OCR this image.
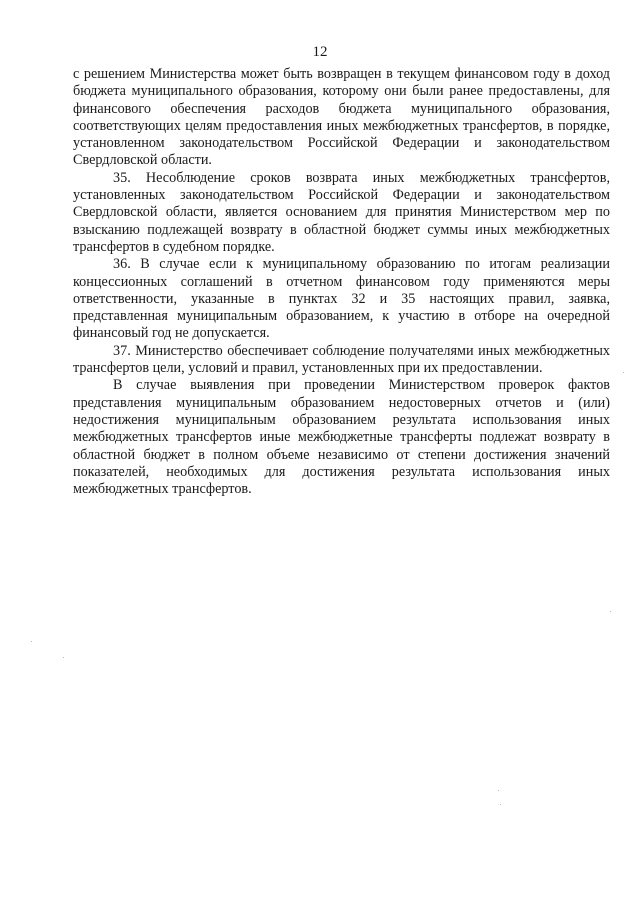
12

с решением Министерства может быть возвращен в текущем финансовом году в доход бюджета муниципального образования, которому они были ранее предоставлены, для финансового обеспечения расходов бюджета муниципального образования, соответствующих целям предоставления иных межбюджетных трансфертов, в порядке, установленном законодательством Российской Федерации и законодательством Свердловской области.

35. Несоблюдение сроков возврата иных межбюджетных трансфертов, установленных законодательством Российской Федерации и законодательством Свердловской области, является основанием для принятия Министерством мер по взысканию подлежащей возврату в областной бюджет суммы иных межбюджетных трансфертов в судебном порядке.

36. В случае если к муниципальному образованию по итогам реализации концессионных соглашений в отчетном финансовом году применяются меры ответственности, указанные в пунктах 32 и 35 настоящих правил, заявка, представленная муниципальным образованием, к участию в отборе на очередной финансовый год не допускается.

37. Министерство обеспечивает соблюдение получателями иных межбюджетных трансфертов цели, условий и правил, установленных при их предоставлении.

В случае выявления при проведении Министерством проверок фактов представления муниципальным образованием недостоверных отчетов и (или) недостижения муниципальным образованием результата использования иных межбюджетных трансфертов иные межбюджетные трансферты подлежат возврату в областной бюджет в полном объеме независимо от степени достижения значений показателей, необходимых для достижения результата использования иных межбюджетных трансфертов.
